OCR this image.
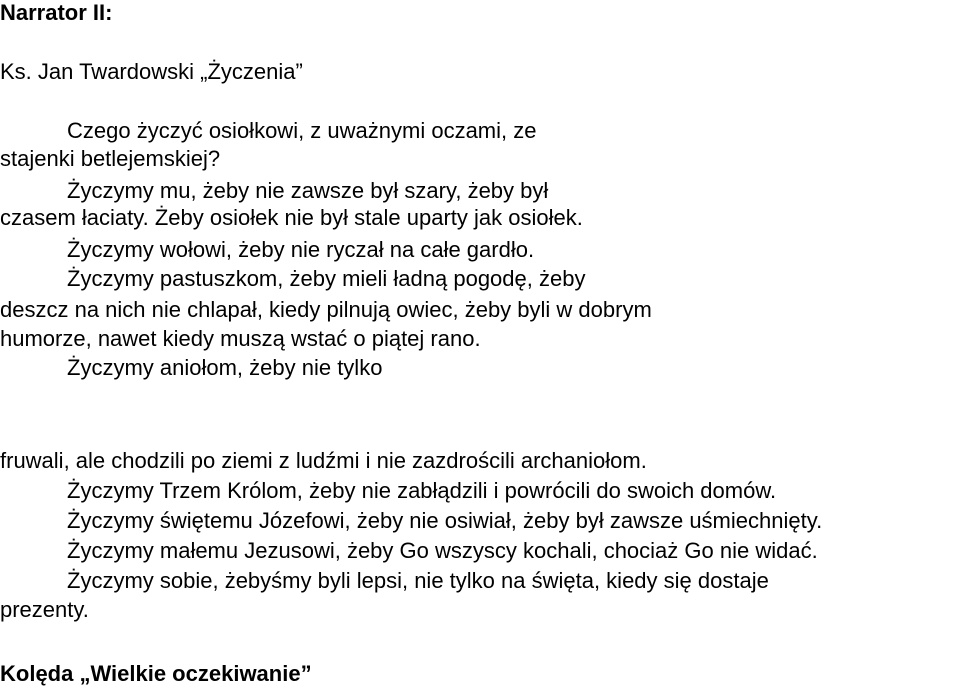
Narrator II:
Ks. Jan Twardowski „Życzenia”
Czego życzyć osiołkowi, z uważnymi oczami, ze
stajenki betlejemskiej?
Życzymy mu, żeby nie zawsze był szary, żeby był
czasem łaciaty. Żeby osiołek nie był stale uparty jak osiołek.
Życzymy wołowi, żeby nie ryczał na całe gardło.
Życzymy pastuszkom, żeby mieli ładną pogodę, żeby
deszcz na nich nie chlapał, kiedy pilnują owiec, żeby byli w dobrym
humorze, nawet kiedy muszą wstać o piątej rano.
Życzymy aniołom, żeby nie tylko
fruwali, ale chodzili po ziemi z ludźmi i nie zazdrościli archaniołom.
Życzymy Trzem Królom, żeby nie zabłądzili i powrócili do swoich domów.
Życzymy świętemu Józefowi, żeby nie osiwiał, żeby był zawsze uśmiechnięty.
Życzymy małemu Jezusowi, żeby Go wszyscy kochali, chociaż Go nie widać.
Życzymy sobie, żebyśmy byli lepsi, nie tylko na święta, kiedy się dostaje
prezenty.
Kolęda „Wielkie oczekiwanie”
